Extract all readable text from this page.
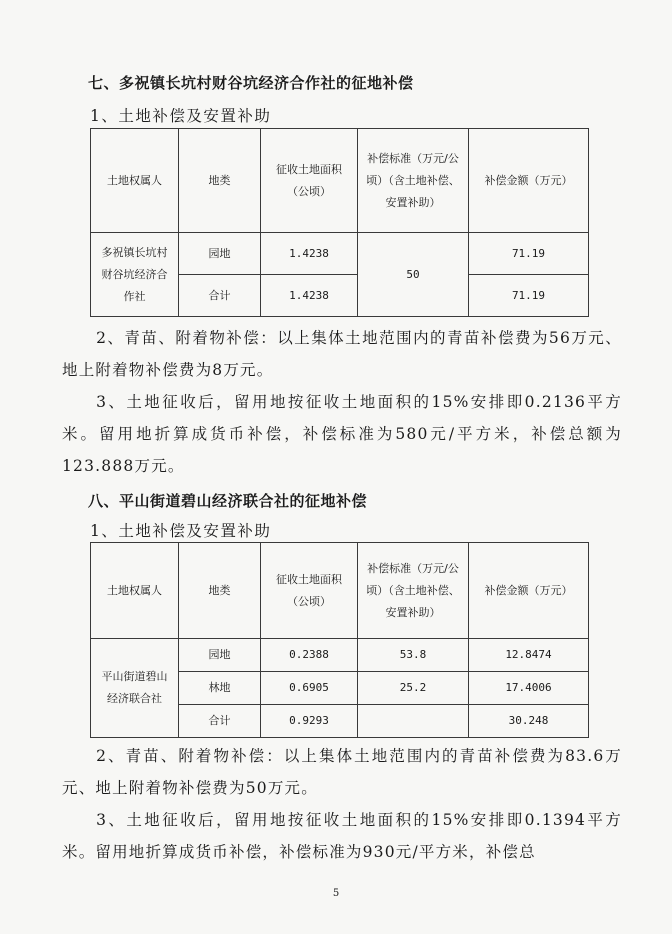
七、多祝镇长坑村财谷坑经济合作社的征地补偿
1、土地补偿及安置补助
土地权属人	地类	征收土地面积（公顷）	补偿标准（万元/公顷）（含土地补偿、安置补助）	补偿金额（万元）
多祝镇长坑村财谷坑经济合作社	园地	1.4238	50	71.19
	合计	1.4238		71.19
2、青苗、附着物补偿：以上集体土地范围内的青苗补偿费为56万元、地上附着物补偿费为8万元。
3、土地征收后，留用地按征收土地面积的15%安排即0.2136平方米。留用地折算成货币补偿，补偿标准为580元/平方米，补偿总额为123.888万元。
八、平山街道碧山经济联合社的征地补偿
1、土地补偿及安置补助
土地权属人	地类	征收土地面积（公顷）	补偿标准（万元/公顷）（含土地补偿、安置补助）	补偿金额（万元）
平山街道碧山经济联合社	园地	0.2388	53.8	12.8474
	林地	0.6905	25.2	17.4006
	合计	0.9293		30.248
2、青苗、附着物补偿：以上集体土地范围内的青苗补偿费为83.6万元、地上附着物补偿费为50万元。
3、土地征收后，留用地按征收土地面积的15%安排即0.1394平方米。留用地折算成货币补偿，补偿标准为930元/平方米，补偿总
5
